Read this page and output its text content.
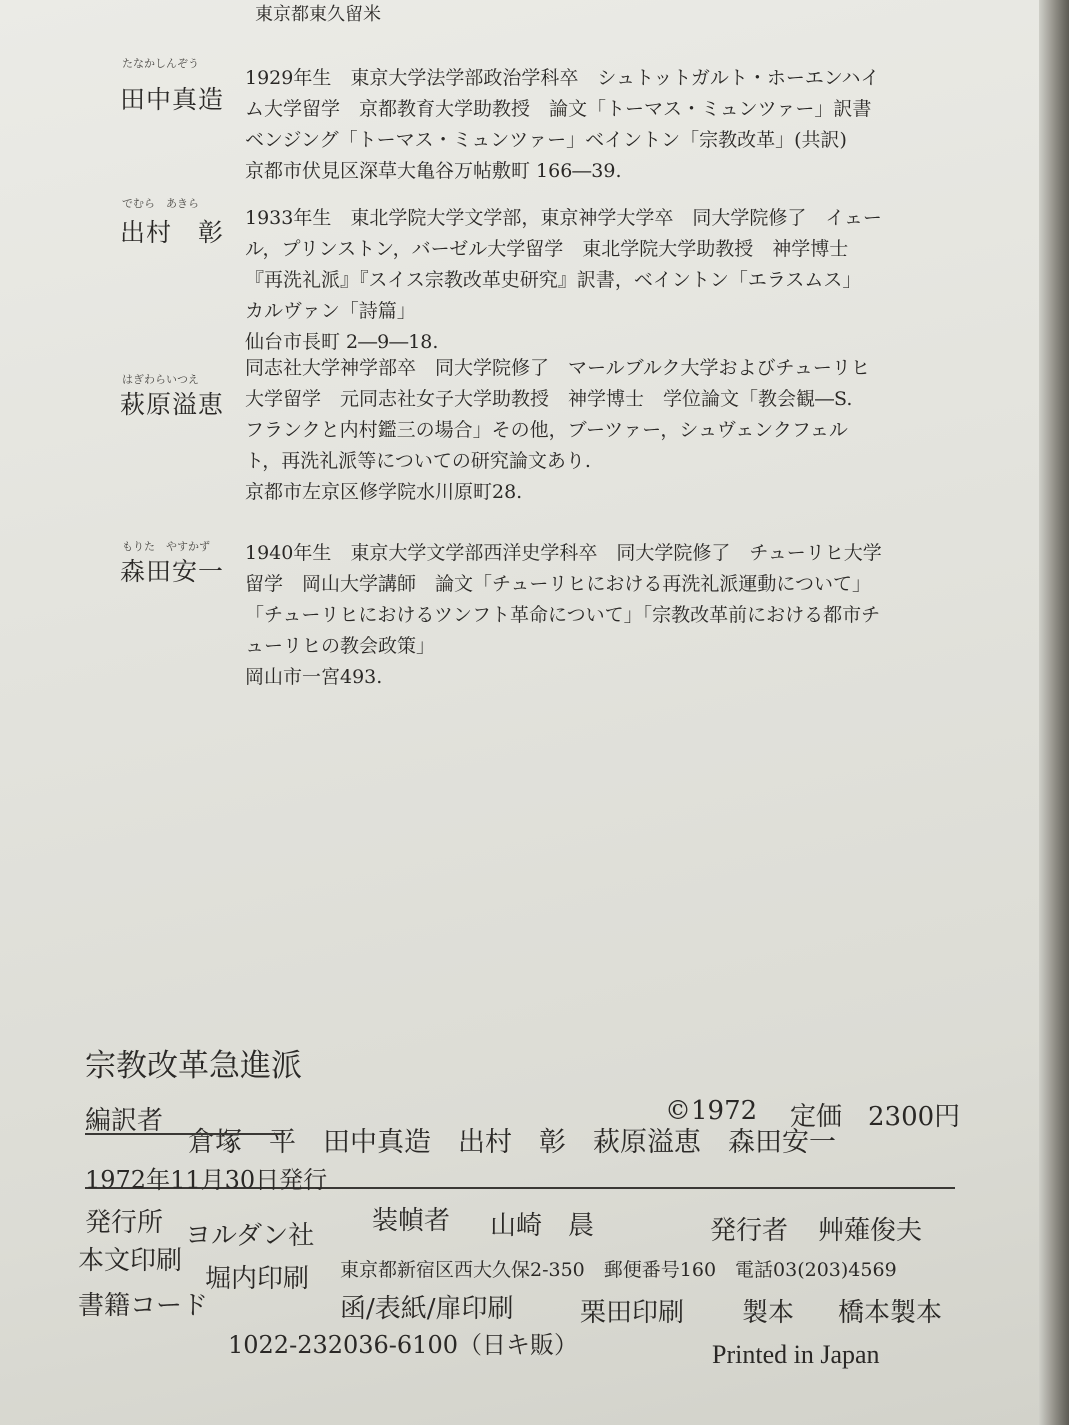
東京都東久留米
たなかしんぞう
田中真造
1929年生　東京大学法学部政治学科卒　シュトットガルト・ホーエンハイ
ム大学留学　京都教育大学助教授　論文「トーマス・ミュンツァー」訳書
ベンジング「トーマス・ミュンツァー」ベイントン「宗教改革」(共訳)
京都市伏見区深草大亀谷万帖敷町 166―39.
でむら　あきら
出村　彰 1933年生　東北学院大学文学部，東京神学大学卒　同大学院修了　イェー
ル，プリンストン，バーゼル大学留学　東北学院大学助教授　神学博士
『再洗礼派』『スイス宗教改革史研究』訳書，ベイントン「エラスムス」
カルヴァン「詩篇」
仙台市長町 2―9―18.
はぎわらいつえ
萩原溢恵
同志社大学神学部卒　同大学院修了　マールブルク大学およびチューリヒ
大学留学　元同志社女子大学助教授　神学博士　学位論文「教会観―S.
フランクと内村鑑三の場合」その他，ブーツァー，シュヴェンクフェル
ト，再洗礼派等についての研究論文あり.
京都市左京区修学院水川原町28.
もりた　やすかず
森田安一
1940年生　東京大学文学部西洋史学科卒　同大学院修了　チューリヒ大学
留学　岡山大学講師　論文「チューリヒにおける再洗礼派運動について」
「チューリヒにおけるツンフト革命について」「宗教改革前における都市チ
ューリヒの教会政策」
岡山市一宮493.
宗教改革急進派
編訳者
倉塚　平　田中真造　出村　彰　萩原溢恵　森田安一
©1972 定価　2300円
1972年11月30日発行
装幀者 山崎　晨
発行所 ヨルダン社	発行者 艸薙俊夫
東京都新宿区西大久保2-350　郵便番号160　電話03(203)4569
本文印刷
堀内印刷
函/表紙/扉印刷	栗田印刷 製本 橋本製本
書籍コード
1022-232036-6100（日キ販）	Printed in Japan
